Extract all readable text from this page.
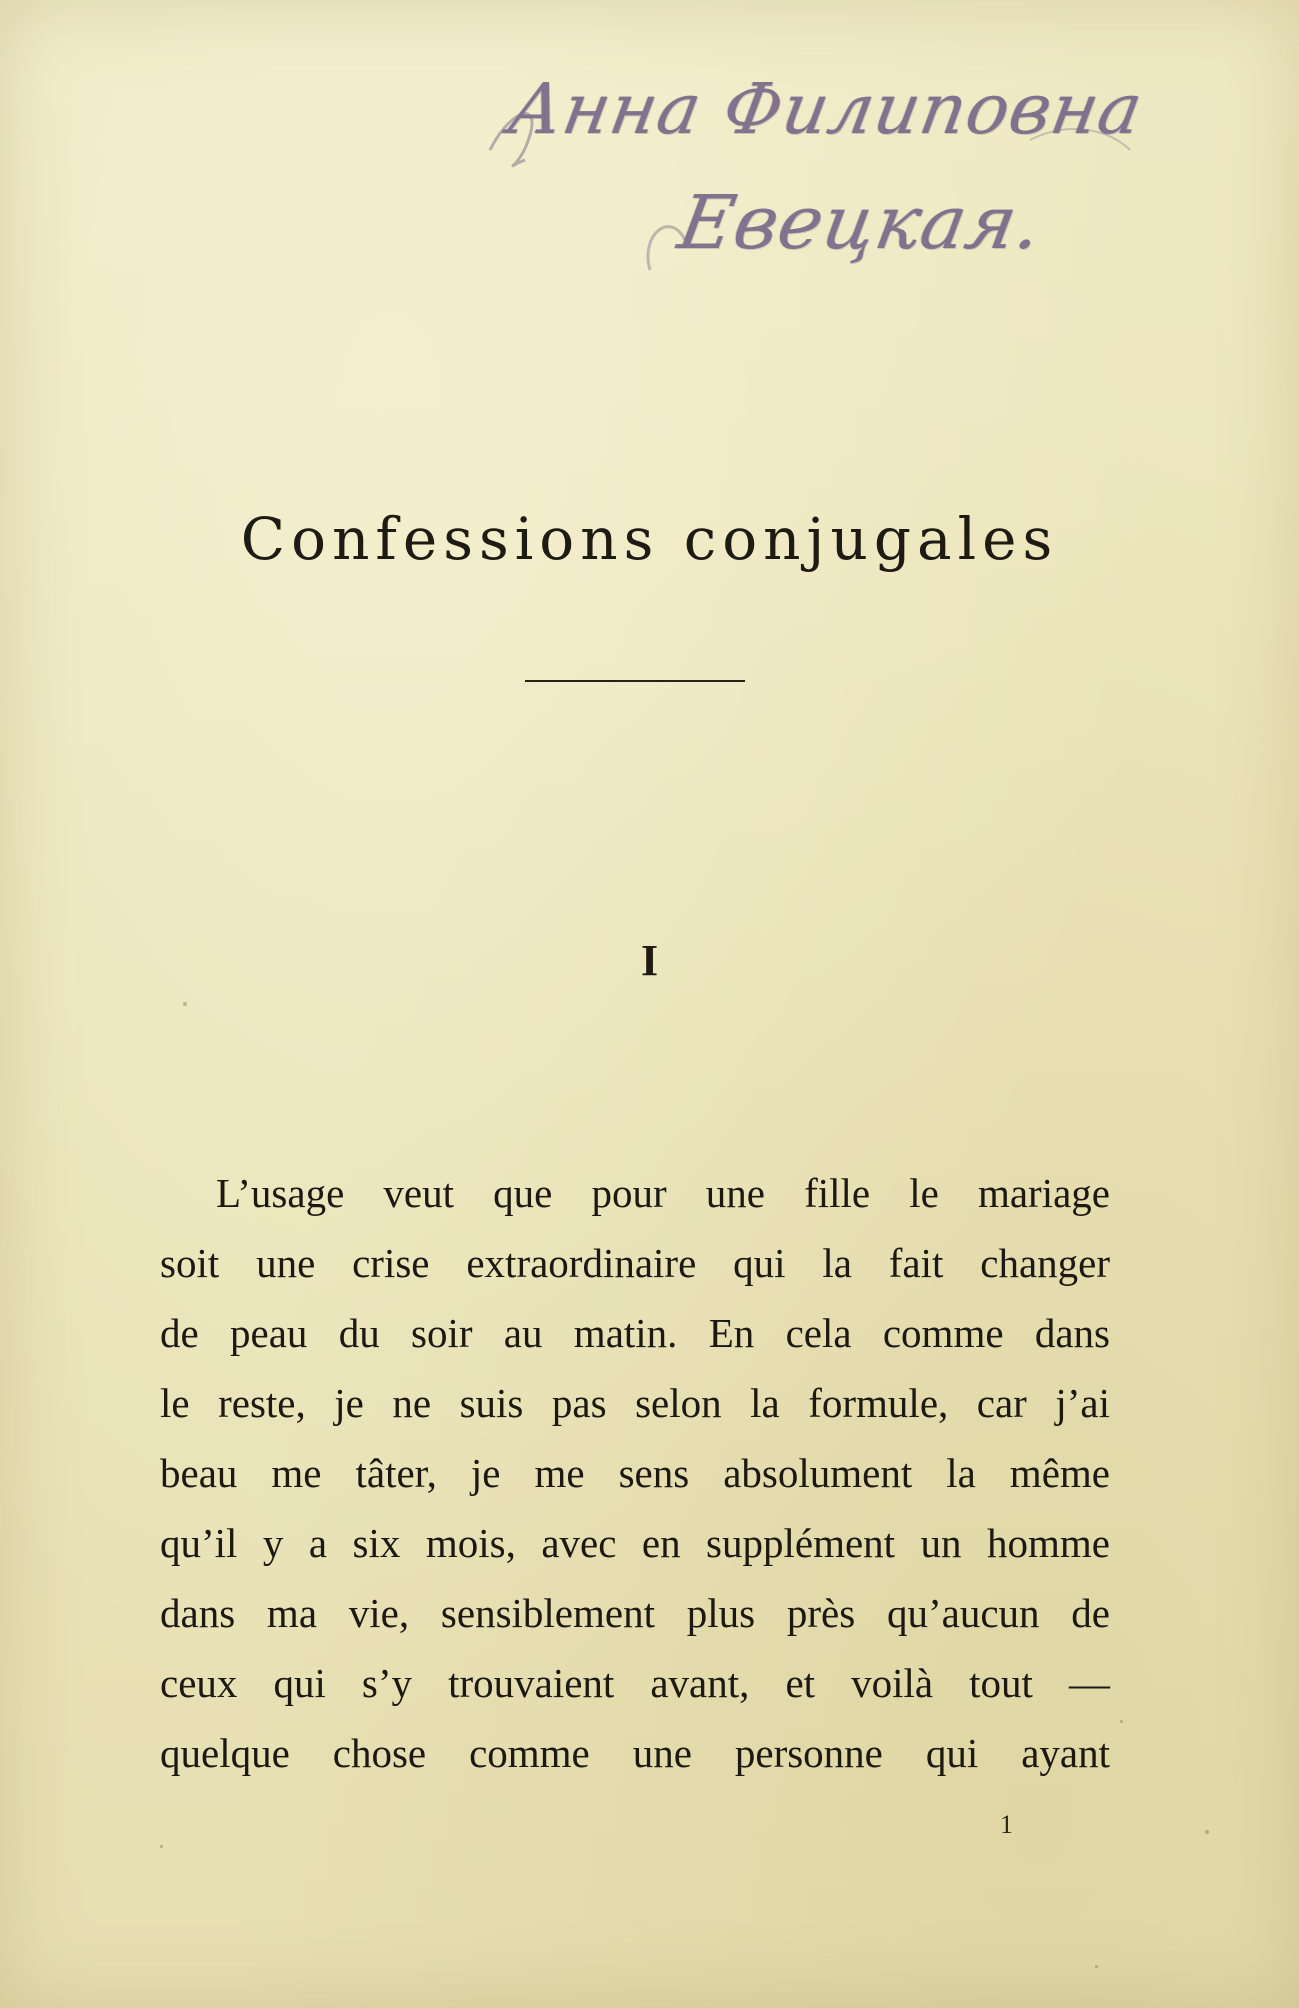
Анна Филиповна
Евецкая.
Confessions conjugales
I
L’usage veut que pour une fille le mariage
soit une crise extraordinaire qui la fait changer
de peau du soir au matin. En cela comme dans
le reste, je ne suis pas selon la formule, car j’ai
beau me tâter, je me sens absolument la même
qu’il y a six mois, avec en supplément un homme
dans ma vie, sensiblement plus près qu’aucun de
ceux qui s’y trouvaient avant, et voilà tout —
quelque chose comme une personne qui ayant
1
